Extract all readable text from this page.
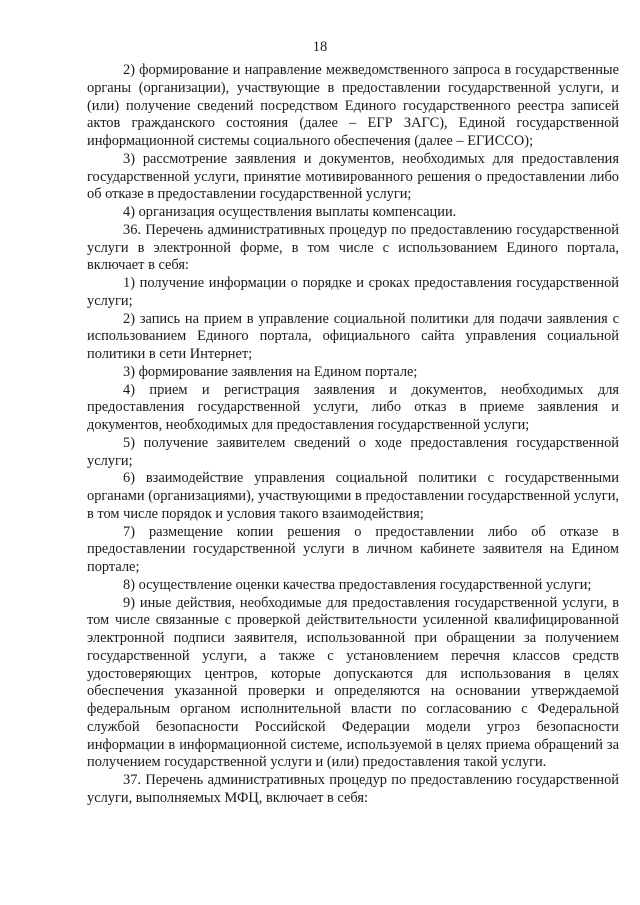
18

2) формирование и направление межведомственного запроса в государственные органы (организации), участвующие в предоставлении государственной услуги, и (или) получение сведений посредством Единого государственного реестра записей актов гражданского состояния (далее – ЕГР ЗАГС), Единой государственной информационной системы социального обеспечения (далее – ЕГИССО);

3) рассмотрение заявления и документов, необходимых для предоставления государственной услуги, принятие мотивированного решения о предоставлении либо об отказе в предоставлении государственной услуги;

4) организация осуществления выплаты компенсации.

36. Перечень административных процедур по предоставлению государственной услуги в электронной форме, в том числе с использованием Единого портала, включает в себя:

1) получение информации о порядке и сроках предоставления государственной услуги;

2) запись на прием в управление социальной политики для подачи заявления с использованием Единого портала, официального сайта управления социальной политики в сети Интернет;

3) формирование заявления на Едином портале;

4) прием и регистрация заявления и документов, необходимых для предоставления государственной услуги, либо отказ в приеме заявления и документов, необходимых для предоставления государственной услуги;

5) получение заявителем сведений о ходе предоставления государственной услуги;

6) взаимодействие управления социальной политики с государственными органами (организациями), участвующими в предоставлении государственной услуги, в том числе порядок и условия такого взаимодействия;

7) размещение копии решения о предоставлении либо об отказе в предоставлении государственной услуги в личном кабинете заявителя на Едином портале;

8) осуществление оценки качества предоставления государственной услуги;

9) иные действия, необходимые для предоставления государственной услуги, в том числе связанные с проверкой действительности усиленной квалифицированной электронной подписи заявителя, использованной при обращении за получением государственной услуги, а также с установлением перечня классов средств удостоверяющих центров, которые допускаются для использования в целях обеспечения указанной проверки и определяются на основании утверждаемой федеральным органом исполнительной власти по согласованию с Федеральной службой безопасности Российской Федерации модели угроз безопасности информации в информационной системе, используемой в целях приема обращений за получением государственной услуги и (или) предоставления такой услуги.

37. Перечень административных процедур по предоставлению государственной услуги, выполняемых МФЦ, включает в себя:
